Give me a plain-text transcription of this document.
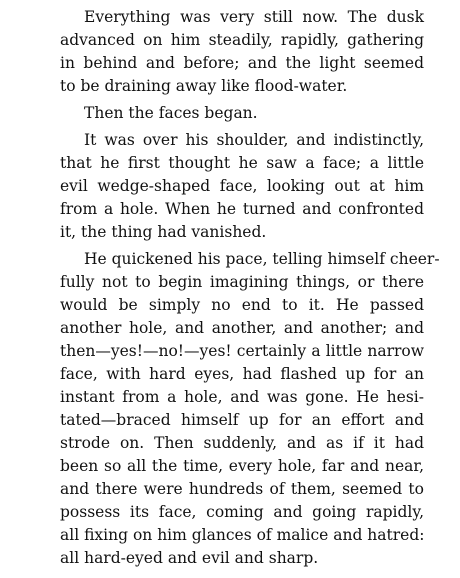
Everything was very still now. The dusk
advanced on him steadily, rapidly, gathering
in behind and before; and the light seemed
to be draining away like flood-water.
Then the faces began.
It was over his shoulder, and indistinctly,
that he first thought he saw a face; a little
evil wedge-shaped face, looking out at him
from a hole. When he turned and confronted
it, the thing had vanished.
He quickened his pace, telling himself cheer-
fully not to begin imagining things, or there
would be simply no end to it. He passed
another hole, and another, and another; and
then—yes!—no!—yes! certainly a little narrow
face, with hard eyes, had flashed up for an
instant from a hole, and was gone. He hesi-
tated—braced himself up for an effort and
strode on. Then suddenly, and as if it had
been so all the time, every hole, far and near,
and there were hundreds of them, seemed to
possess its face, coming and going rapidly,
all fixing on him glances of malice and hatred:
all hard-eyed and evil and sharp.
